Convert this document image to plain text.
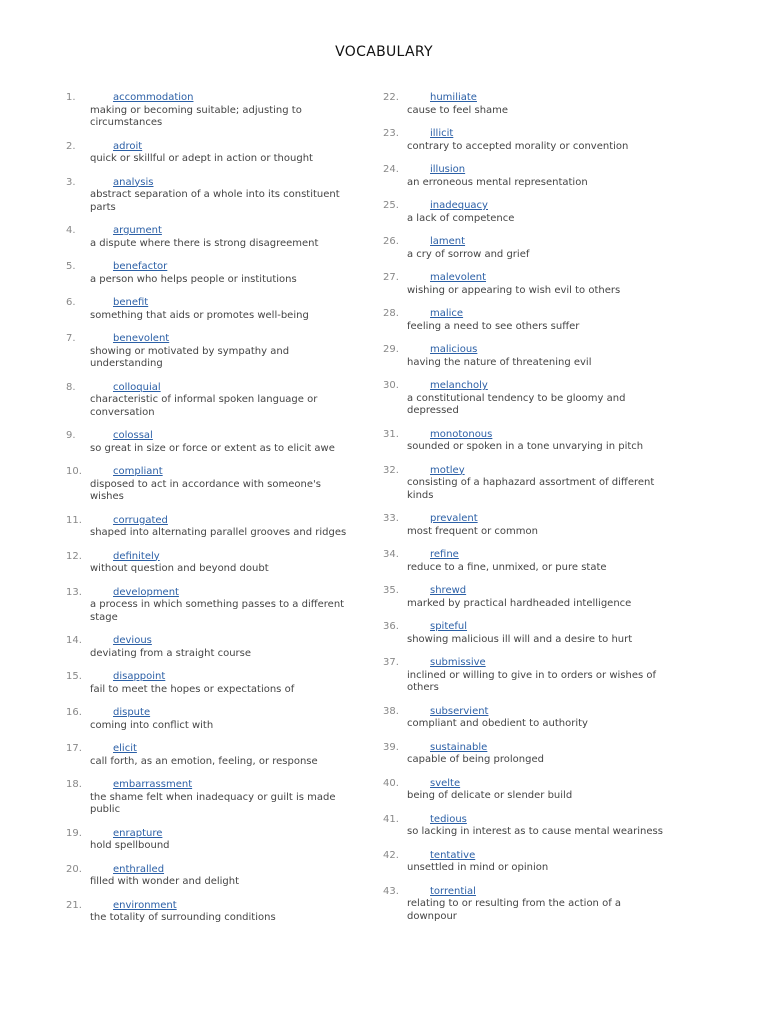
VOCABULARY
1.	accommodation
making or becoming suitable; adjusting to circumstances
2.	adroit
quick or skillful or adept in action or thought
3.	analysis
abstract separation of a whole into its constituent parts
4.	argument
a dispute where there is strong disagreement
5.	benefactor
a person who helps people or institutions
6.	benefit
something that aids or promotes well-being
7.	benevolent
showing or motivated by sympathy and understanding
8.	colloquial
characteristic of informal spoken language or conversation
9.	colossal
so great in size or force or extent as to elicit awe
10.	compliant
disposed to act in accordance with someone's wishes
11.	corrugated
shaped into alternating parallel grooves and ridges
12.	definitely
without question and beyond doubt
13.	development
a process in which something passes to a different stage
14.	devious
deviating from a straight course
15.	disappoint
fail to meet the hopes or expectations of
16.	dispute
coming into conflict with
17.	elicit
call forth, as an emotion, feeling, or response
18.	embarrassment
the shame felt when inadequacy or guilt is made public
19.	enrapture
hold spellbound
20.	enthralled
filled with wonder and delight
21.	environment
the totality of surrounding conditions
22.	humiliate
cause to feel shame
23.	illicit
contrary to accepted morality or convention
24.	illusion
an erroneous mental representation
25.	inadequacy
a lack of competence
26.	lament
a cry of sorrow and grief
27.	malevolent
wishing or appearing to wish evil to others
28.	malice
feeling a need to see others suffer
29.	malicious
having the nature of threatening evil
30.	melancholy
a constitutional tendency to be gloomy and depressed
31.	monotonous
sounded or spoken in a tone unvarying in pitch
32.	motley
consisting of a haphazard assortment of different kinds
33.	prevalent
most frequent or common
34.	refine
reduce to a fine, unmixed, or pure state
35.	shrewd
marked by practical hardheaded intelligence
36.	spiteful
showing malicious ill will and a desire to hurt
37.	submissive
inclined or willing to give in to orders or wishes of others
38.	subservient
compliant and obedient to authority
39.	sustainable
capable of being prolonged
40.	svelte
being of delicate or slender build
41.	tedious
so lacking in interest as to cause mental weariness
42.	tentative
unsettled in mind or opinion
43.	torrential
relating to or resulting from the action of a downpour
